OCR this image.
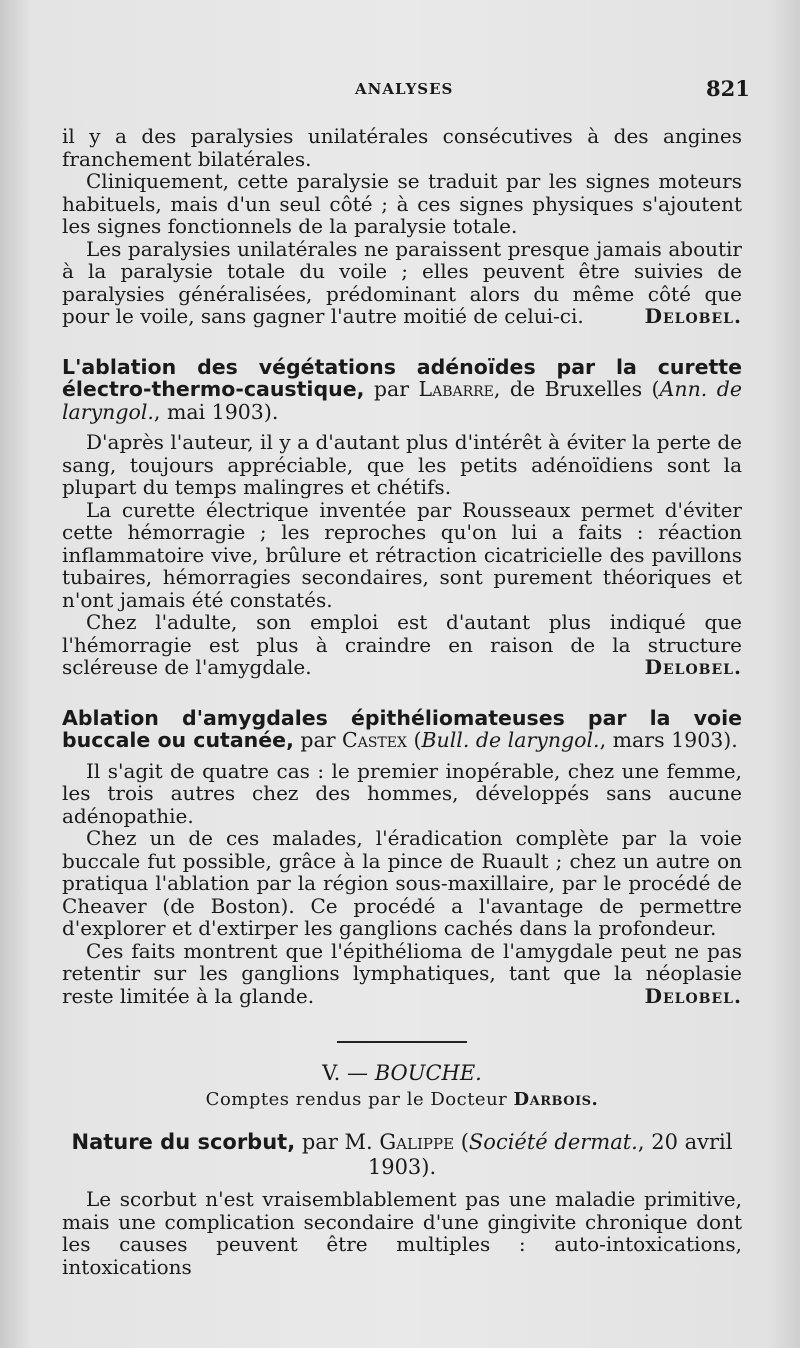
ANALYSES	821

il y a des paralysies unilatérales consécutives à des angines franchement bilatérales.

Cliniquement, cette paralysie se traduit par les signes moteurs habituels, mais d'un seul côté ; à ces signes physiques s'ajoutent les signes fonctionnels de la paralysie totale.

Les paralysies unilatérales ne paraissent presque jamais aboutir à la paralysie totale du voile ; elles peuvent être suivies de paralysies généralisées, prédominant alors du même côté que pour le voile, sans gagner l'autre moitié de celui-ci.	Delobel.

L'ablation des végétations adénoïdes par la curette électro-thermo-caustique, par Labarre, de Bruxelles (Ann. de laryngol., mai 1903).

D'après l'auteur, il y a d'autant plus d'intérêt à éviter la perte de sang, toujours appréciable, que les petits adénoïdiens sont la plupart du temps malingres et chétifs.

La curette électrique inventée par Rousseaux permet d'éviter cette hémorragie ; les reproches qu'on lui a faits : réaction inflammatoire vive, brûlure et rétraction cicatricielle des pavillons tubaires, hémorragies secondaires, sont purement théoriques et n'ont jamais été constatés.

Chez l'adulte, son emploi est d'autant plus indiqué que l'hémorragie est plus à craindre en raison de la structure scléreuse de l'amygdale.	Delobel.

Ablation d'amygdales épithéliomateuses par la voie buccale ou cutanée, par Castex (Bull. de laryngol., mars 1903).

Il s'agit de quatre cas : le premier inopérable, chez une femme, les trois autres chez des hommes, développés sans aucune adénopathie.

Chez un de ces malades, l'éradication complète par la voie buccale fut possible, grâce à la pince de Ruault ; chez un autre on pratiqua l'ablation par la région sous-maxillaire, par le procédé de Cheaver (de Boston). Ce procédé a l'avantage de permettre d'explorer et d'extirper les ganglions cachés dans la profondeur.

Ces faits montrent que l'épithélioma de l'amygdale peut ne pas retentir sur les ganglions lymphatiques, tant que la néoplasie reste limitée à la glande.	Delobel.

V. — BOUCHE.
Comptes rendus par le Docteur Darbois.
Nature du scorbut, par M. Galippe (Société dermat., 20 avril 1903).

Le scorbut n'est vraisemblablement pas une maladie primitive, mais une complication secondaire d'une gingivite chronique dont les causes peuvent être multiples : auto-intoxications, intoxications
